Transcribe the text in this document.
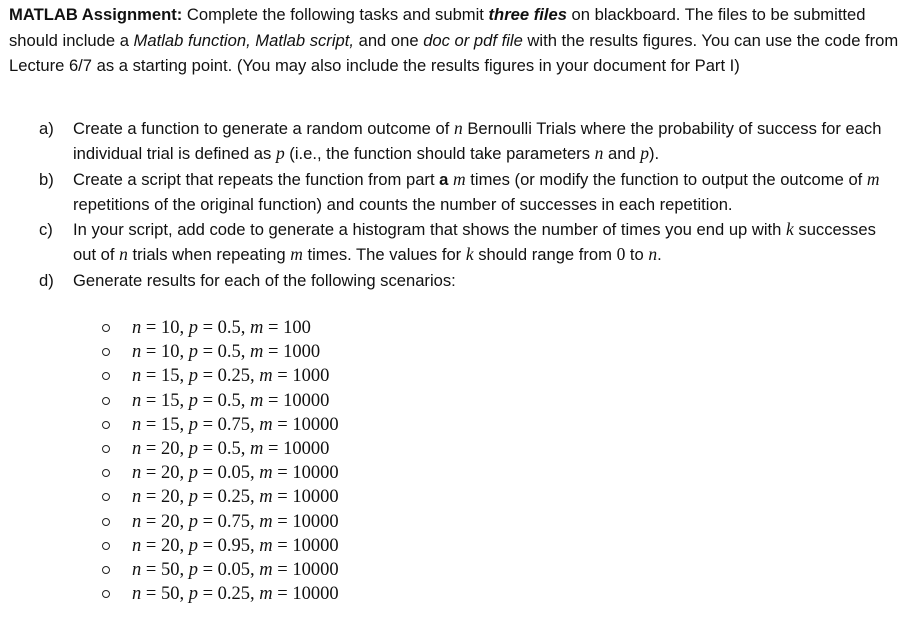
MATLAB Assignment: Complete the following tasks and submit three files on blackboard. The files to be submitted should include a Matlab function, Matlab script, and one doc or pdf file with the results figures. You can use the code from Lecture 6/7 as a starting point. (You may also include the results figures in your document for Part I)
a)	Create a function to generate a random outcome of n Bernoulli Trials where the probability of success for each individual trial is defined as p (i.e., the function should take parameters n and p).
b)	Create a script that repeats the function from part a m times (or modify the function to output the outcome of m repetitions of the original function) and counts the number of successes in each repetition.
c)	In your script, add code to generate a histogram that shows the number of times you end up with k successes out of n trials when repeating m times. The values for k should range from 0 to n.
d)	Generate results for each of the following scenarios:
n = 10, p = 0.5, m = 100
n = 10, p = 0.5, m = 1000
n = 15, p = 0.25, m = 1000
n = 15, p = 0.5, m = 10000
n = 15, p = 0.75, m = 10000
n = 20, p = 0.5, m = 10000
n = 20, p = 0.05, m = 10000
n = 20, p = 0.25, m = 10000
n = 20, p = 0.75, m = 10000
n = 20, p = 0.95, m = 10000
n = 50, p = 0.05, m = 10000
n = 50, p = 0.25, m = 10000
